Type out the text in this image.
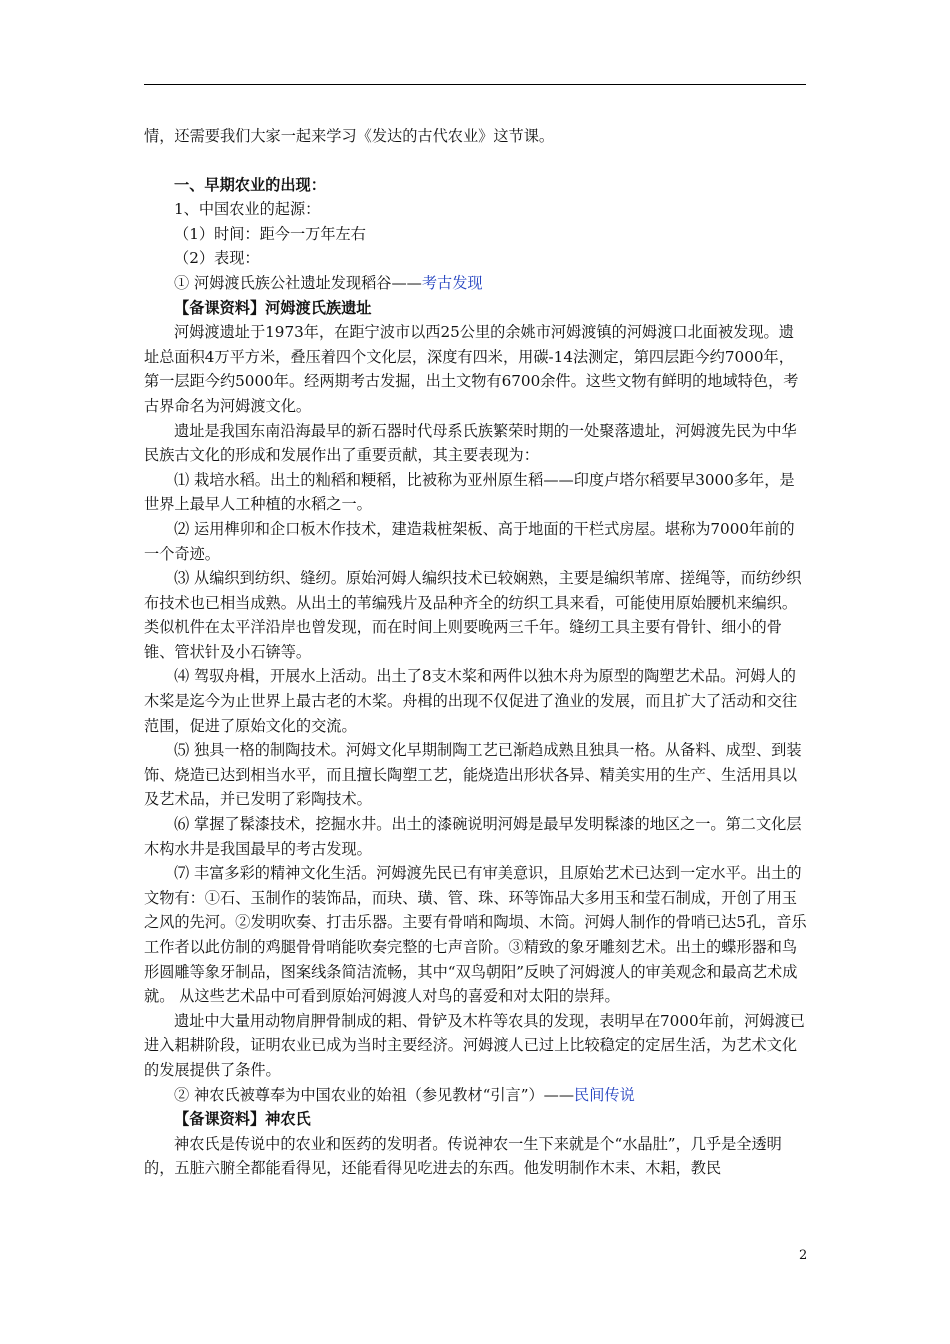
情，还需要我们大家一起来学习《发达的古代农业》这节课。

一、早期农业的出现：

1、中国农业的起源：

（1）时间：距今一万年左右

（2）表现：

① 河姆渡氏族公社遗址发现稻谷——考古发现

【备课资料】河姆渡氏族遗址

河姆渡遗址于1973年，在距宁波市以西25公里的余姚市河姆渡镇的河姆渡口北面被发现。遗址总面积4万平方米，叠压着四个文化层，深度有四米，用碳-14法测定，第四层距今约7000年，第一层距今约5000年。经两期考古发掘，出土文物有6700余件。这些文物有鲜明的地域特色，考古界命名为河姆渡文化。

遗址是我国东南沿海最早的新石器时代母系氏族繁荣时期的一处聚落遗址，河姆渡先民为中华民族古文化的形成和发展作出了重要贡献，其主要表现为：

⑴ 栽培水稻。出土的籼稻和粳稻，比被称为亚州原生稻——印度卢塔尔稻要早3000多年，是世界上最早人工种植的水稻之一。

⑵ 运用榫卯和企口板木作技术，建造栽桩架板、高于地面的干栏式房屋。堪称为7000年前的一个奇迹。

⑶ 从编织到纺织、缝纫。原始河姆人编织技术已较娴熟，主要是编织苇席、搓绳等，而纺纱织布技术也已相当成熟。从出土的苇编残片及品种齐全的纺织工具来看，可能使用原始腰机来编织。类似机件在太平洋沿岸也曾发现，而在时间上则要晚两三千年。缝纫工具主要有骨针、细小的骨锥、管状针及小石锛等。

⑷ 驾驭舟楫，开展水上活动。出土了8支木桨和两件以独木舟为原型的陶塑艺术品。河姆人的木桨是迄今为止世界上最古老的木桨。舟楫的出现不仅促进了渔业的发展，而且扩大了活动和交往范围，促进了原始文化的交流。

⑸ 独具一格的制陶技术。河姆文化早期制陶工艺已渐趋成熟且独具一格。从备料、成型、到装饰、烧造已达到相当水平，而且擅长陶塑工艺，能烧造出形状各异、精美实用的生产、生活用具以及艺术品，并已发明了彩陶技术。

⑹ 掌握了髹漆技术，挖掘水井。出土的漆碗说明河姆是最早发明髹漆的地区之一。第二文化层木构水井是我国最早的考古发现。

⑺ 丰富多彩的精神文化生活。河姆渡先民已有审美意识，且原始艺术已达到一定水平。出土的文物有：①石、玉制作的装饰品，而玦、璜、管、珠、环等饰品大多用玉和莹石制成，开创了用玉之风的先河。②发明吹奏、打击乐器。主要有骨哨和陶埙、木筒。河姆人制作的骨哨已达5孔，音乐工作者以此仿制的鸡腿骨骨哨能吹奏完整的七声音阶。③精致的象牙雕刻艺术。出土的蝶形器和鸟形圆雕等象牙制品，图案线条简洁流畅，其中“双鸟朝阳”反映了河姆渡人的审美观念和最高艺术成就。 从这些艺术品中可看到原始河姆渡人对鸟的喜爱和对太阳的崇拜。

遗址中大量用动物肩胛骨制成的耜、骨铲及木杵等农具的发现，表明早在7000年前，河姆渡已进入耜耕阶段，证明农业已成为当时主要经济。河姆渡人已过上比较稳定的定居生活，为艺术文化的发展提供了条件。

② 神农氏被尊奉为中国农业的始祖（参见教材“引言”）——民间传说

【备课资料】神农氏

神农氏是传说中的农业和医药的发明者。传说神农一生下来就是个“水晶肚”，几乎是全透明的，五脏六腑全都能看得见，还能看得见吃进去的东西。他发明制作木耒、木耜，教民

2
